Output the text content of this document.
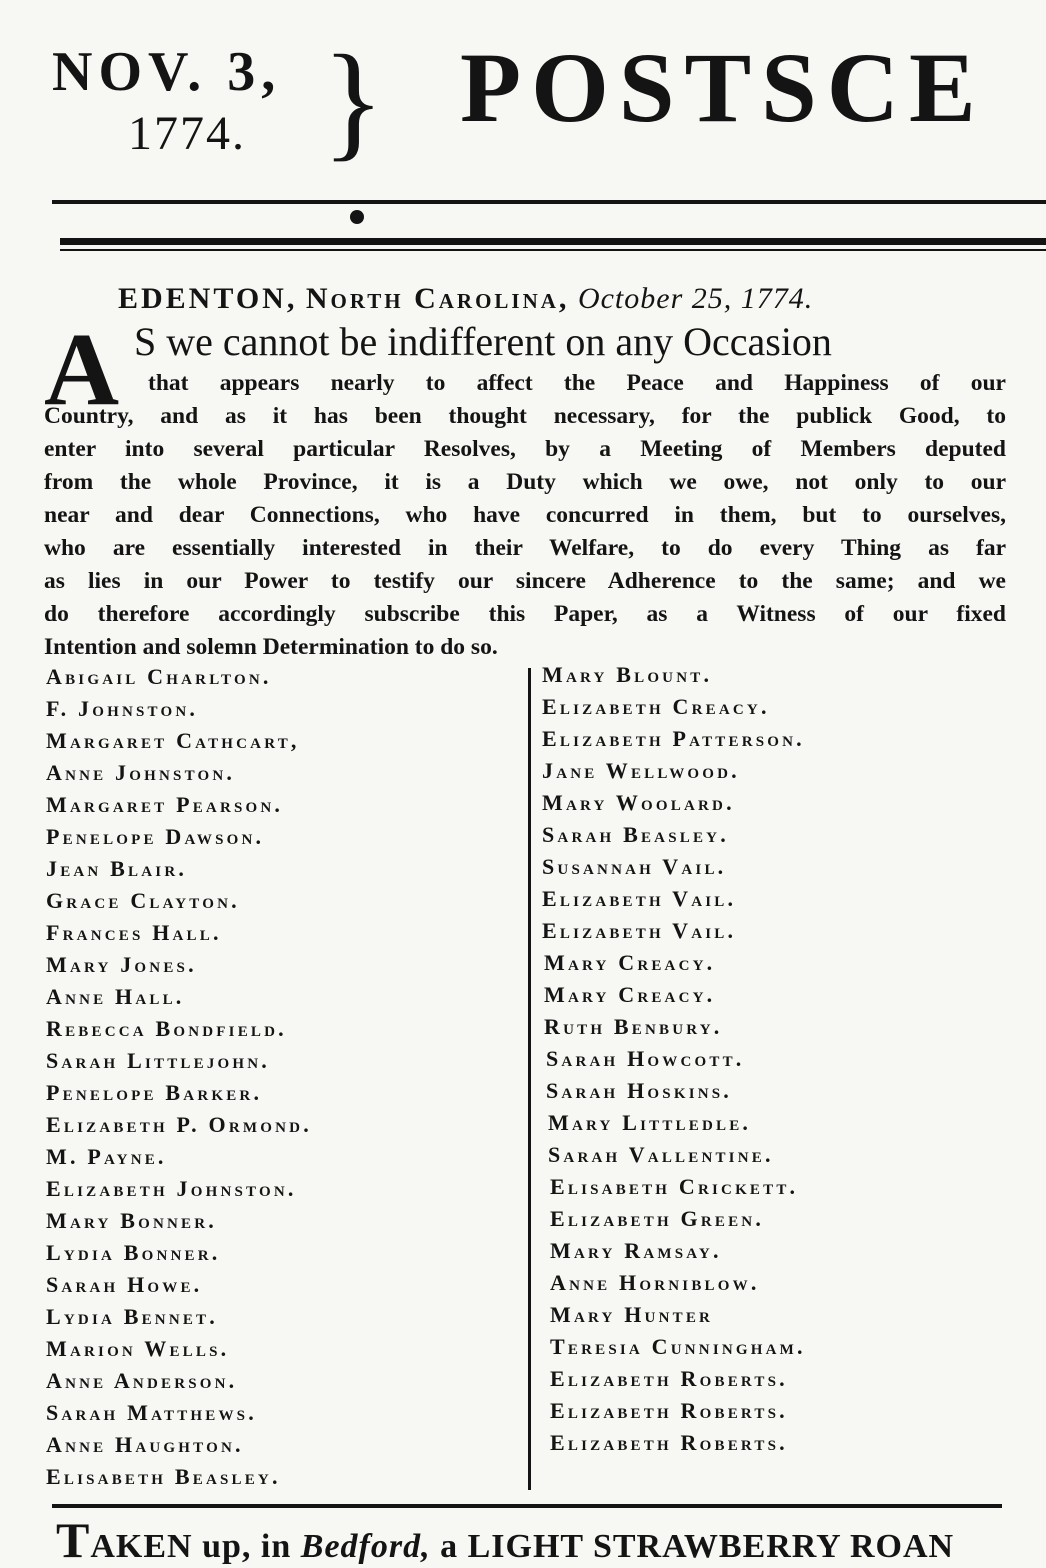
NOV. 3,
1774. } POSTSCE
EDENTON, North Carolina, October 25, 1774.
A S we cannot be indifferent on any Occasion
that appears nearly to affect the Peace and Happiness of our
Country, and as it has been thought necessary, for the publick Good, to
enter into several particular Resolves, by a Meeting of Members deputed
from the whole Province, it is a Duty which we owe, not only to our
near and dear Connections, who have concurred in them, but to ourselves,
who are essentially interested in their Welfare, to do every Thing as far
as lies in our Power to testify our sincere Adherence to the same; and we
do therefore accordingly subscribe this Paper, as a Witness of our fixed
Intention and solemn Determination to do so.
Abigail Charlton.
F. Johnston.
Margaret Cathcart,
Anne Johnston.
Margaret Pearson.
Penelope Dawson.
Jean Blair.
Grace Clayton.
Frances Hall.
Mary Jones.
Anne Hall.
Rebecca Bondfield.
Sarah Littlejohn.
Penelope Barker.
Elizabeth P. Ormond.
M. Payne.
Elizabeth Johnston.
Mary Bonner.
Lydia Bonner.
Sarah Howe.
Lydia Bennet.
Marion Wells.
Anne Anderson.
Sarah Matthews.
Anne Haughton.
Elisabeth Beasley.
Mary Blount.
Elizabeth Creacy.
Elizabeth Patterson.
Jane Wellwood.
Mary Woolard.
Sarah Beasley.
Susannah Vail.
Elizabeth Vail.
Elizabeth Vail.
Mary Creacy.
Mary Creacy.
Ruth Benbury.
Sarah Howcott.
Sarah Hoskins.
Mary Littledle.
Sarah Vallentine.
Elisabeth Crickett.
Elizabeth Green.
Mary Ramsay.
Anne Horniblow.
Mary Hunter
Teresia Cunningham.
Elizabeth Roberts.
Elizabeth Roberts.
Elizabeth Roberts.
TAKEN up, in Bedford, a LIGHT STRAWBERRY ROAN
